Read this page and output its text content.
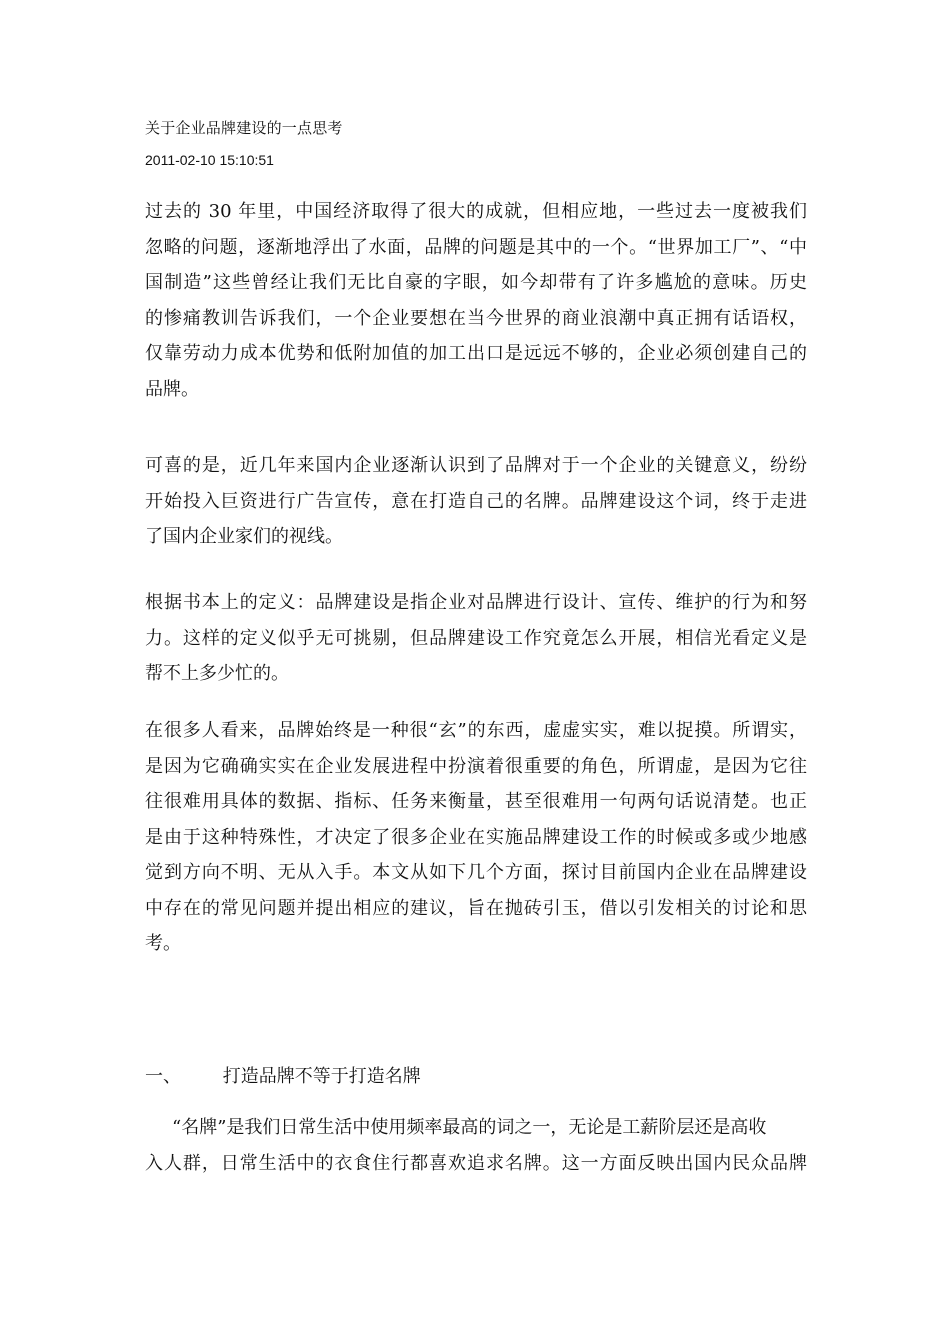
关于企业品牌建设的一点思考
2011-02-10 15:10:51
过去的 30 年里，中国经济取得了很大的成就，但相应地，一些过去一度被我们
忽略的问题，逐渐地浮出了水面，品牌的问题是其中的一个。“世界加工厂”、“中
国制造”这些曾经让我们无比自豪的字眼，如今却带有了许多尴尬的意味。历史
的惨痛教训告诉我们，一个企业要想在当今世界的商业浪潮中真正拥有话语权，
仅靠劳动力成本优势和低附加值的加工出口是远远不够的，企业必须创建自己的
品牌。
可喜的是，近几年来国内企业逐渐认识到了品牌对于一个企业的关键意义，纷纷
开始投入巨资进行广告宣传，意在打造自己的名牌。品牌建设这个词，终于走进
了国内企业家们的视线。
根据书本上的定义：品牌建设是指企业对品牌进行设计、宣传、维护的行为和努
力。这样的定义似乎无可挑剔，但品牌建设工作究竟怎么开展，相信光看定义是
帮不上多少忙的。
在很多人看来，品牌始终是一种很“玄”的东西，虚虚实实，难以捉摸。所谓实，
是因为它确确实实在企业发展进程中扮演着很重要的角色，所谓虚，是因为它往
往很难用具体的数据、指标、任务来衡量，甚至很难用一句两句话说清楚。也正
是由于这种特殊性，才决定了很多企业在实施品牌建设工作的时候或多或少地感
觉到方向不明、无从入手。本文从如下几个方面，探讨目前国内企业在品牌建设
中存在的常见问题并提出相应的建议，旨在抛砖引玉，借以引发相关的讨论和思
考。
一、 打造品牌不等于打造名牌
“名牌”是我们日常生活中使用频率最高的词之一，无论是工薪阶层还是高收
入人群，日常生活中的衣食住行都喜欢追求名牌。这一方面反映出国内民众品牌
